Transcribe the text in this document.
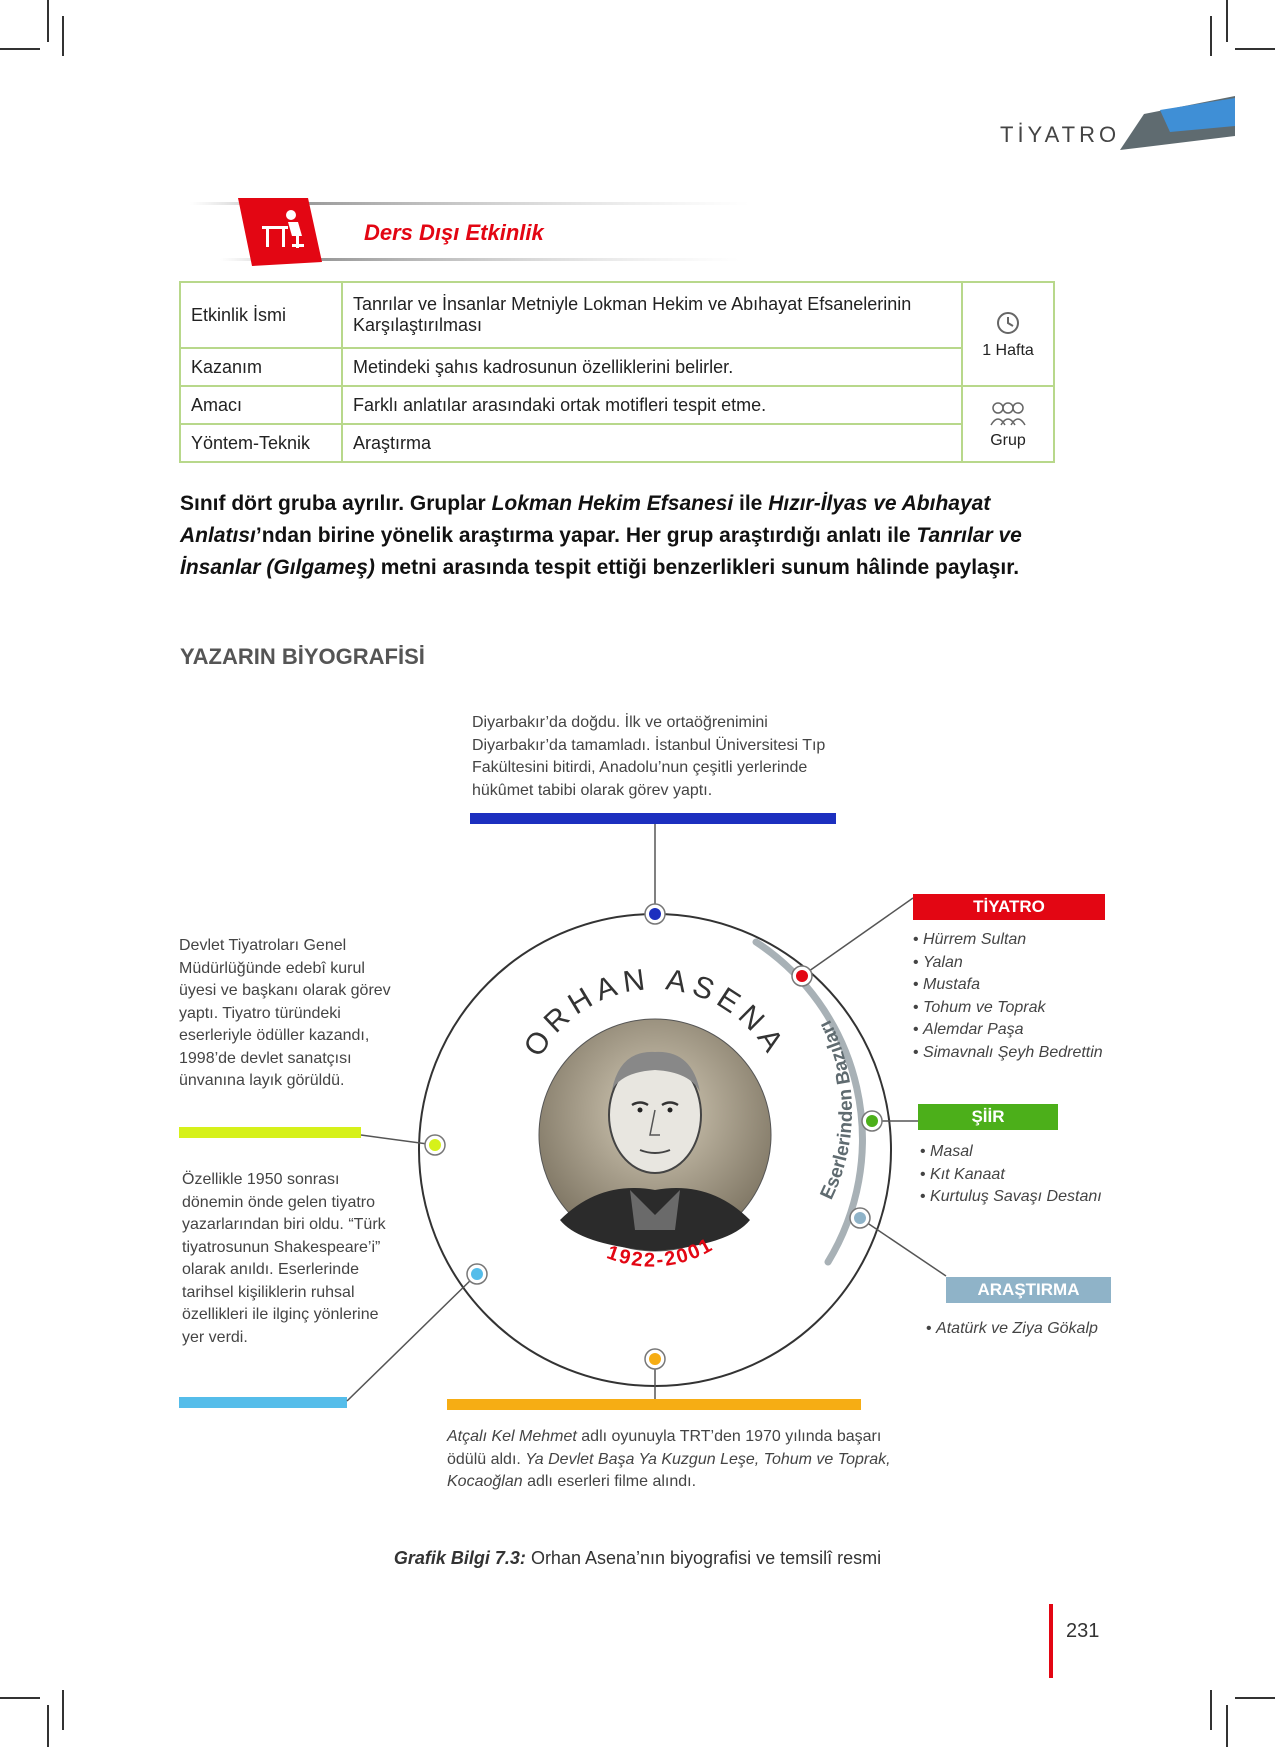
TİYATRO
Ders Dışı Etkinlik
Etkinlik İsmi	Tanrılar ve İnsanlar Metniyle Lokman Hekim ve Abıhayat Efsanelerinin Karşılaştırılması	1 Hafta
Kazanım	Metindeki şahıs kadrosunun özelliklerini belirler.	
Amacı	Farklı anlatılar arasındaki ortak motifleri tespit etme.	Grup
Yöntem-Teknik	Araştırma	
Sınıf dört gruba ayrılır. Gruplar Lokman Hekim Efsanesi ile Hızır-İlyas ve Abıhayat Anlatısı’ndan birine yönelik araştırma yapar. Her grup araştırdığı anlatı ile Tanrılar ve İnsanlar (Gılgameş) metni arasında tespit ettiği benzerlikleri sunum hâlinde paylaşır.
YAZARIN BİYOGRAFİSİ
ORHAN ASENA
1922-2001
Eserlerinden Bazıları
Diyarbakır’da doğdu. İlk ve ortaöğrenimini Diyarbakır’da tamamladı. İstanbul Üniversitesi Tıp Fakültesini bitirdi, Anadolu’nun çeşitli yerlerinde hükûmet tabibi olarak görev yaptı.
Devlet Tiyatroları Genel Müdürlüğünde edebî kurul üyesi ve başkanı olarak görev yaptı. Tiyatro türündeki eserleriyle ödüller kazandı, 1998’de devlet sanatçısı ünvanına layık görüldü.
Özellikle 1950 sonrası dönemin önde gelen tiyatro yazarlarından biri oldu. “Türk tiyatrosunun Shakespeare’i” olarak anıldı. Eserlerinde tarihsel kişiliklerin ruhsal özellikleri ile ilginç yönlerine yer verdi.
Atçalı Kel Mehmet adlı oyunuyla TRT’den 1970 yılında başarı ödülü aldı. Ya Devlet Başa Ya Kuzgun Leşe, Tohum ve Toprak, Kocaoğlan adlı eserleri filme alındı.
TİYATRO
• Hürrem Sultan
• Yalan
• Mustafa
• Tohum ve Toprak
• Alemdar Paşa
• Simavnalı Şeyh Bedrettin
ŞİİR
• Masal
• Kıt Kanaat
• Kurtuluş Savaşı Destanı
ARAŞTIRMA
• Atatürk ve Ziya Gökalp
Grafik Bilgi 7.3: Orhan Asena’nın biyografisi ve temsilî resmi
231
